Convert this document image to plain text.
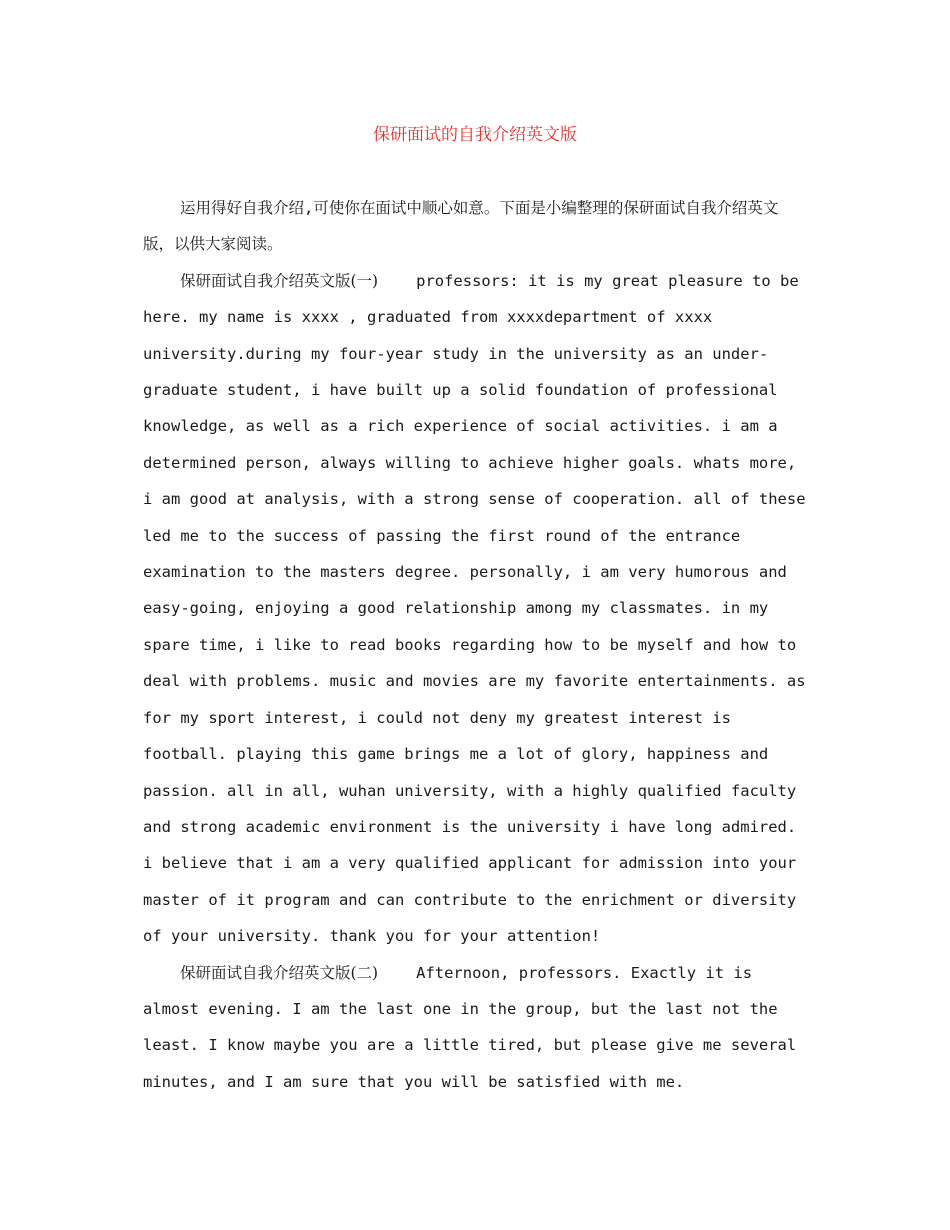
保研面试的自我介绍英文版

运用得好自我介绍,可使你在面试中顺心如意。下面是小编整理的保研面试自我介绍英文版，以供大家阅读。

保研面试自我介绍英文版(一) professors: it is my great pleasure to be here. my name is xxxx , graduated from xxxxdepartment of xxxx university.during my four-year study in the university as an under-graduate student, i have built up a solid foundation of professional knowledge, as well as a rich experience of social activities. i am a determined person, always willing to achieve higher goals. whats more, i am good at analysis, with a strong sense of cooperation. all of these led me to the success of passing the first round of the entrance examination to the masters degree. personally, i am very humorous and easy-going, enjoying a good relationship among my classmates. in my spare time, i like to read books regarding how to be myself and how to deal with problems. music and movies are my favorite entertainments. as for my sport interest, i could not deny my greatest interest is football. playing this game brings me a lot of glory, happiness and passion. all in all, wuhan university, with a highly qualified faculty and strong academic environment is the university i have long admired. i believe that i am a very qualified applicant for admission into your master of it program and can contribute to the enrichment or diversity of your university. thank you for your attention!

保研面试自我介绍英文版(二) Afternoon, professors. Exactly it is almost evening. I am the last one in the group, but the last not the least. I know maybe you are a little tired, but please give me several minutes, and I am sure that you will be satisfied with me.
